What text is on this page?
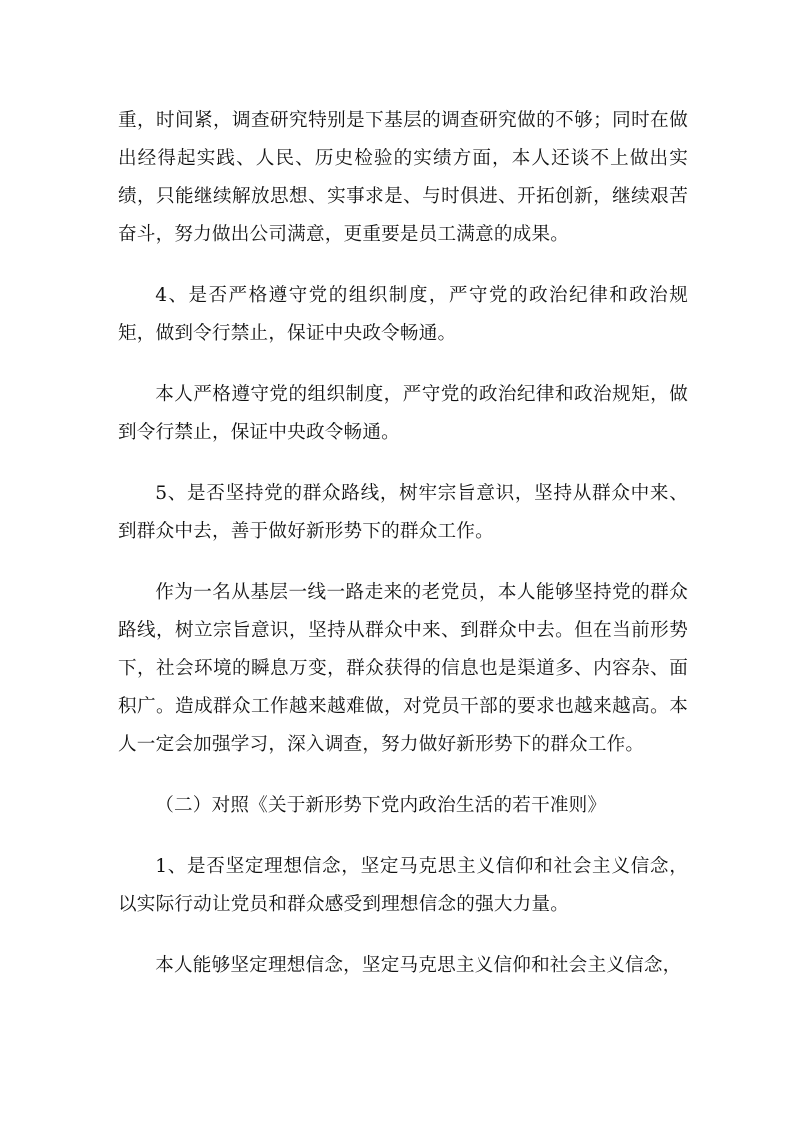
重，时间紧，调查研究特别是下基层的调查研究做的不够；同时在做出经得起实践、人民、历史检验的实绩方面，本人还谈不上做出实绩，只能继续解放思想、实事求是、与时俱进、开拓创新，继续艰苦奋斗，努力做出公司满意，更重要是员工满意的成果。

4、是否严格遵守党的组织制度，严守党的政治纪律和政治规矩，做到令行禁止，保证中央政令畅通。

本人严格遵守党的组织制度，严守党的政治纪律和政治规矩，做到令行禁止，保证中央政令畅通。

5、是否坚持党的群众路线，树牢宗旨意识，坚持从群众中来、到群众中去，善于做好新形势下的群众工作。

作为一名从基层一线一路走来的老党员，本人能够坚持党的群众路线，树立宗旨意识，坚持从群众中来、到群众中去。但在当前形势下，社会环境的瞬息万变，群众获得的信息也是渠道多、内容杂、面积广。造成群众工作越来越难做，对党员干部的要求也越来越高。本人一定会加强学习，深入调查，努力做好新形势下的群众工作。

（二）对照《关于新形势下党内政治生活的若干准则》

1、是否坚定理想信念，坚定马克思主义信仰和社会主义信念，以实际行动让党员和群众感受到理想信念的强大力量。

本人能够坚定理想信念，坚定马克思主义信仰和社会主义信念，
